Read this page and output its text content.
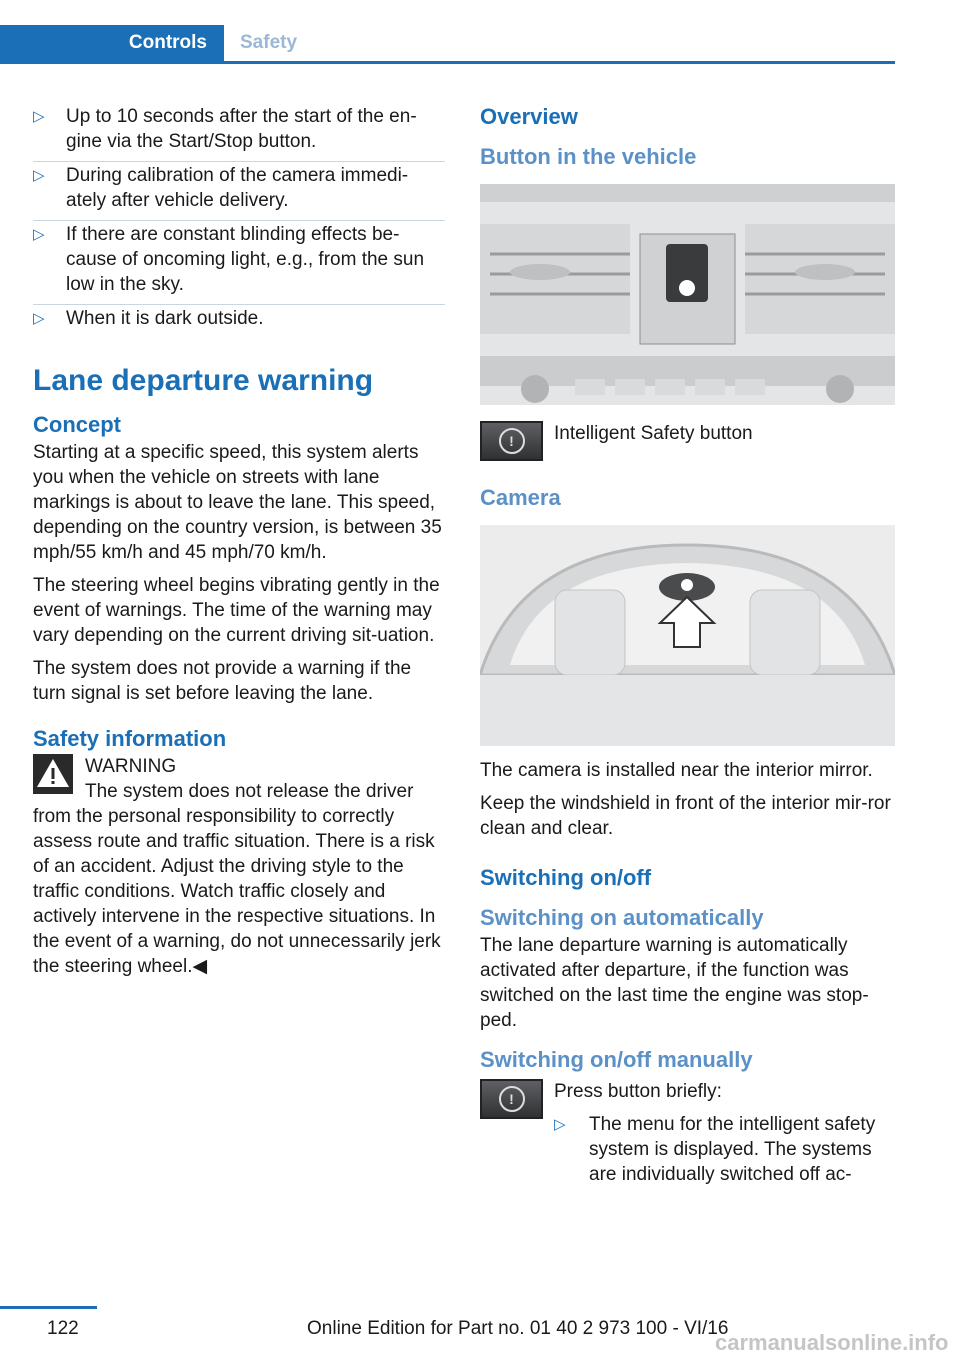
Controls	Safety
▷ Up to 10 seconds after the start of the en‐gine via the Start/Stop button.
▷ During calibration of the camera immedi‐ately after vehicle delivery.
▷ If there are constant blinding effects be‐cause of oncoming light, e.g., from the sun low in the sky.
▷ When it is dark outside.
Lane departure warning
Concept

Starting at a specific speed, this system alerts you when the vehicle on streets with lane markings is about to leave the lane. This speed, depending on the country version, is between 35 mph/55 km/h and 45 mph/70 km/h.

The steering wheel begins vibrating gently in the event of warnings. The time of the warning may vary depending on the current driving sit‐uation.

The system does not provide a warning if the turn signal is set before leaving the lane.

Safety information

WARNING

The system does not release the driver from the personal responsibility to correctly assess route and traffic situation. There is a risk of an accident. Adjust the driving style to the traffic conditions. Watch traffic closely and actively intervene in the respective situations. In the event of a warning, do not unnecessarily jerk the steering wheel.◀

Overview
Button in the vehicle
!	Intelligent Safety button

Camera

The camera is installed near the interior mirror.

Keep the windshield in front of the interior mir‐ror clean and clear.

Switching on/off
Switching on automatically

The lane departure warning is automatically activated after departure, if the function was switched on the last time the engine was stop‐ped.

Switching on/off manually
!	Press button briefly:

▷ The menu for the intelligent safety system is displayed. The systems are individually switched off ac‐
122	Online Edition for Part no. 01 40 2 973 100 - VI/16
carmanualsonline.info
